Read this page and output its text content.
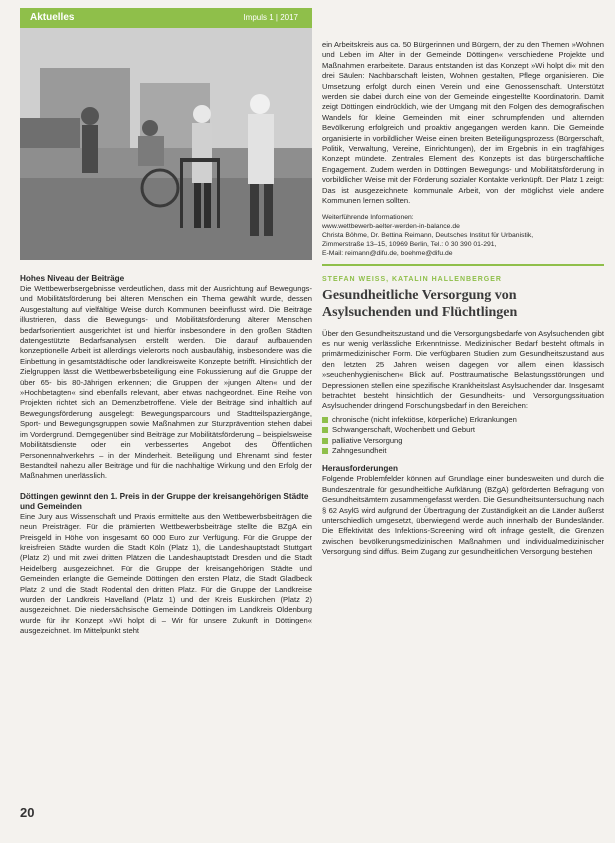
Aktuelles	Impuls 1 | 2017
Hohes Niveau der Beiträge

Die Wettbewerbsergebnisse verdeutlichen, dass mit der Ausrichtung auf Bewegungs- und Mobilitätsförderung bei älteren Menschen ein Thema gewählt wurde, dessen Ausgestaltung auf vielfältige Weise durch Kommunen beeinflusst wird. Die Beiträge illustrieren, dass die Bewegungs- und Mobilitätsförderung älterer Menschen bedarfsorientiert ausgerichtet ist und hierfür insbesondere in den großen Städten datengestützte Bedarfsanalysen erstellt werden. Die darauf aufbauenden konzeptionelle Arbeit ist allerdings vielerorts noch ausbaufähig, insbesondere was die Einbettung in gesamtstädtische oder landkreisweite Konzepte betrifft. Hinsichtlich der Zielgruppen lässt die Wettbewerbsbeteiligung eine Fokussierung auf die Gruppe der über 65- bis 80-Jährigen erkennen; die Gruppen der »jungen Alten« und der »Hochbetagten« sind ebenfalls relevant, aber etwas nachgeordnet. Eine Reihe von Projekten richtet sich an Demenzbetroffene. Viele der Beiträge sind inhaltlich auf Bewegungsförderung ausgelegt: Bewegungsparcours und Stadtteilspaziergänge, Sport- und Bewegungsgruppen sowie Maßnahmen zur Sturzprävention stehen dabei im Vordergrund. Demgegenüber sind Beiträge zur Mobilitätsförderung – beispielsweise Mobilitätsdienste oder ein verbessertes Angebot des Öffentlichen Personennahverkehrs – in der Minderheit. Beteiligung und Ehrenamt sind fester Bestandteil nahezu aller Beiträge und für die nachhaltige Wirkung und den Erfolg der Maßnahmen unerlässlich.

Döttingen gewinnt den 1. Preis in der Gruppe der kreisangehörigen Städte und Gemeinden

Eine Jury aus Wissenschaft und Praxis ermittelte aus den Wettbewerbsbeiträgen die neun Preisträger. Für die prämierten Wettbewerbsbeiträge stellte die BZgA ein Preisgeld in Höhe von insgesamt 60 000 Euro zur Verfügung. Für die Gruppe der kreisfreien Städte wurden die Stadt Köln (Platz 1), die Landeshauptstadt Stuttgart (Platz 2) und mit zwei dritten Plätzen die Landeshauptstadt Dresden und die Stadt Heidelberg ausgezeichnet. Für die Gruppe der kreisangehörigen Städte und Gemeinden erlangte die Gemeinde Döttingen den ersten Platz, die Stadt Gladbeck Platz 2 und die Stadt Rodental den dritten Platz. Für die Gruppe der Landkreise wurden der Landkreis Havelland (Platz 1) und der Kreis Euskirchen (Platz 2) ausgezeichnet. Die niedersächsische Gemeinde Döttingen im Landkreis Oldenburg wurde für ihr Konzept »Wi holpt di – Wir für unsere Zukunft in Döttingen« ausgezeichnet. Im Mittelpunkt steht

ein Arbeitskreis aus ca. 50 Bürgerinnen und Bürgern, der zu den Themen »Wohnen und Leben im Alter in der Gemeinde Döttingen« verschiedene Projekte und Maßnahmen erarbeitete. Daraus entstanden ist das Konzept »Wi holpt di« mit den drei Säulen: Nachbarschaft leisten, Wohnen gestalten, Pflege organisieren. Die Umsetzung erfolgt durch einen Verein und eine Genossenschaft. Unterstützt werden sie dabei durch eine von der Gemeinde eingestellte Koordinatorin. Damit zeigt Döttingen eindrücklich, wie der Umgang mit den Folgen des demografischen Wandels für kleine Gemeinden mit einer schrumpfenden und alternden Bevölkerung erfolgreich und proaktiv angegangen werden kann. Die Gemeinde organisierte in vorbildlicher Weise einen breiten Beteiligungsprozess (Bürgerschaft, Politik, Verwaltung, Vereine, Einrichtungen), der im Ergebnis in ein tragfähiges Konzept mündete. Zentrales Element des Konzepts ist das bürgerschaftliche Engagement. Zudem werden in Döttingen Bewegungs- und Mobilitätsförderung in vorbildlicher Weise mit der Förderung sozialer Kontakte verknüpft. Der Platz 1 zeigt: Das ist ausgezeichnete kommunale Arbeit, von der möglichst viele andere Kommunen lernen sollten.

Weiterführende Informationen:
www.wettbewerb-aelter-werden-in-balance.de
Christa Böhme, Dr. Bettina Reimann, Deutsches Institut für Urbanistik,
Zimmerstraße 13–15, 10969 Berlin, Tel.: 0 30 390 01-291,
E-Mail: reimann@difu.de, boehme@difu.de
STEFAN WEISS, KATALIN HALLENBERGER
Gesundheitliche Versorgung von Asylsuchenden und Flüchtlingen

Über den Gesundheitszustand und die Versorgungsbedarfe von Asylsuchenden gibt es nur wenig verlässliche Erkenntnisse. Medizinischer Bedarf besteht oftmals in primärmedizinischer Form. Die verfügbaren Studien zum Gesundheitszustand aus den letzten 25 Jahren weisen dagegen vor allem einen klassisch »seuchenhygienischen« Blick auf. Posttraumatische Belastungsstörungen und Depressionen stellen eine spezifische Krankheitslast Asylsuchender dar. Insgesamt betrachtet besteht hinsichtlich der Gesundheits- und Versorgungssituation Asylsuchender dringend Forschungsbedarf in den Bereichen:

chronische (nicht infektiöse, körperliche) Erkrankungen
Schwangerschaft, Wochenbett und Geburt
palliative Versorgung
Zahngesundheit
Herausforderungen

Folgende Problemfelder können auf Grundlage einer bundesweiten und durch die Bundeszentrale für gesundheitliche Aufklärung (BZgA) geförderten Befragung von Gesundheitsämtern zusammengefasst werden. Die Gesundheitsuntersuchung nach § 62 AsylG wird aufgrund der Übertragung der Zuständigkeit an die Länder äußerst unterschiedlich umgesetzt, überwiegend werde auch innerhalb der Bundesländer. Die Effektivität des Infektions-Screening wird oft infrage gestellt, die Grenzen zwischen bevölkerungsmedizinischen Maßnahmen und individualmedizinischer Versorgung sind diffus. Beim Zugang zur gesundheitlichen Versorgung bestehen

20
